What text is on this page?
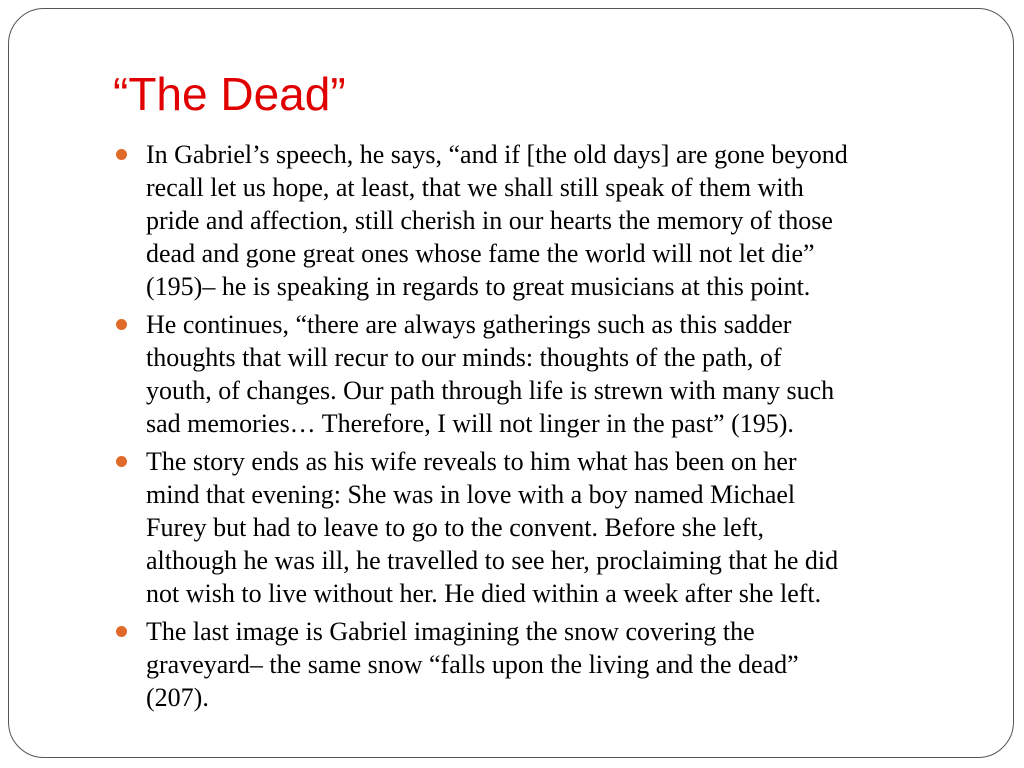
“The Dead”
In Gabriel’s speech, he says, “and if [the old days] are gone beyond
recall let us hope, at least, that we shall still speak of them with
pride and affection, still cherish in our hearts the memory of those
dead and gone great ones whose fame the world will not let die”
(195)– he is speaking in regards to great musicians at this point.
He continues, “there are always gatherings such as this sadder
thoughts that will recur to our minds: thoughts of the path, of
youth, of changes. Our path through life is strewn with many such
sad memories… Therefore, I will not linger in the past” (195).
The story ends as his wife reveals to him what has been on her
mind that evening: She was in love with a boy named Michael
Furey but had to leave to go to the convent. Before she left,
although he was ill, he travelled to see her, proclaiming that he did
not wish to live without her. He died within a week after she left.
The last image is Gabriel imagining the snow covering the
graveyard– the same snow “falls upon the living and the dead”
(207).
